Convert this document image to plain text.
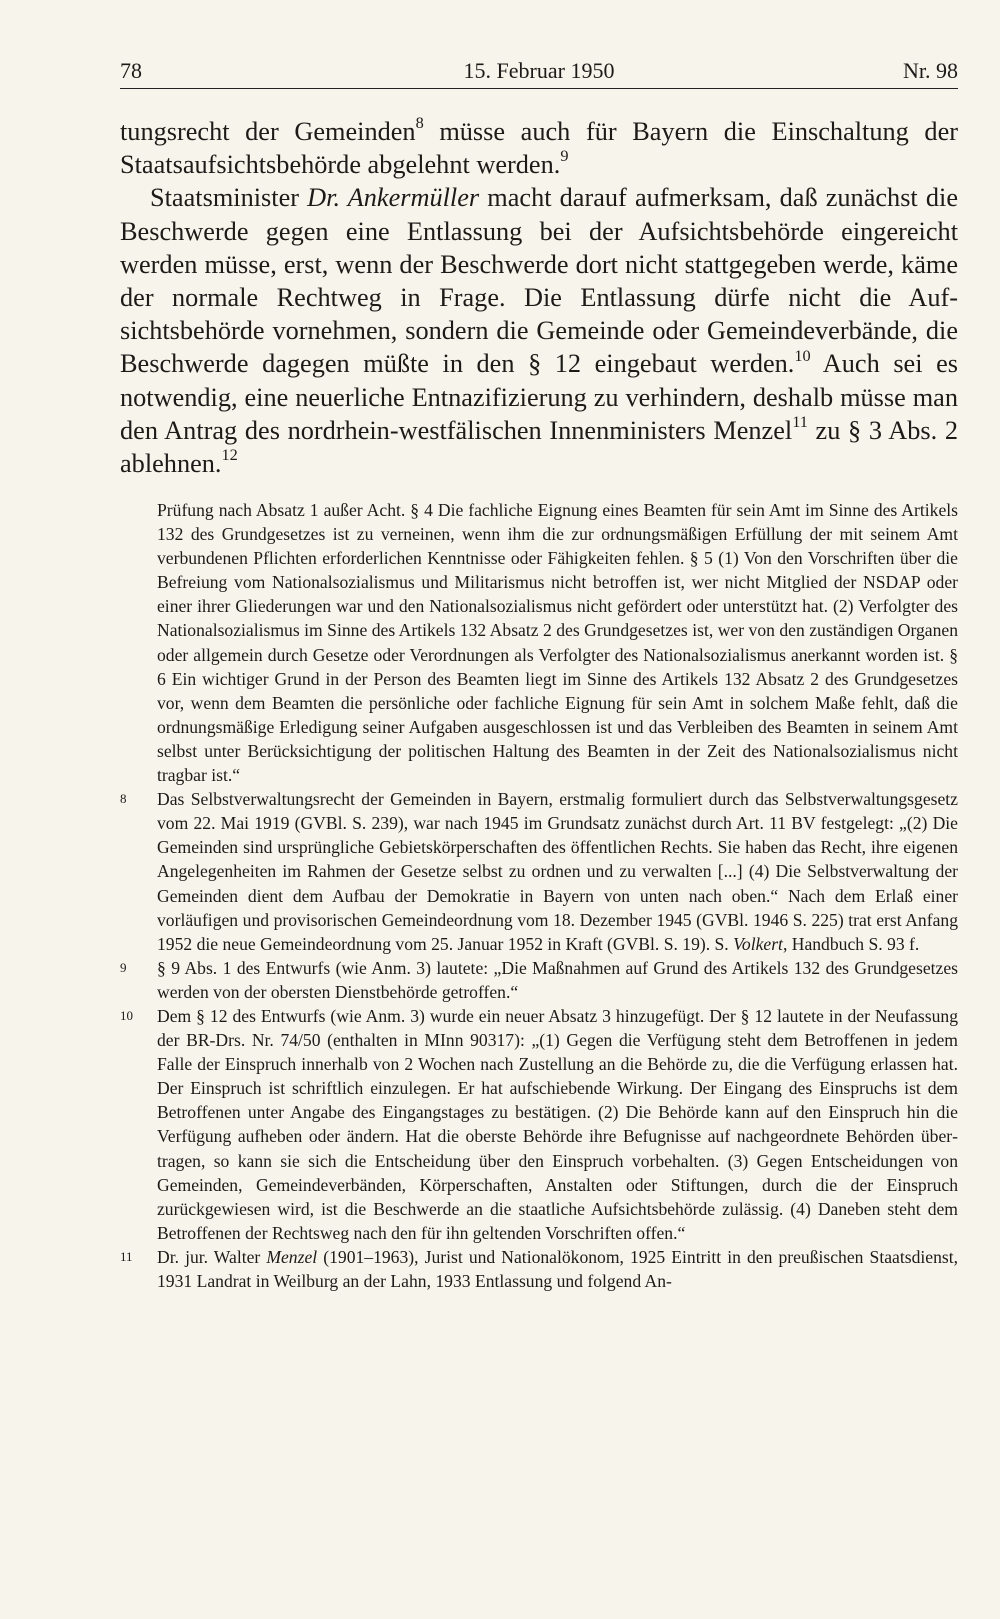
78	15. Februar 1950	Nr. 98

tungsrecht der Gemeinden$^8$ müsse auch für Bayern die Einschaltung der Staatsaufsichtsbehörde abgelehnt werden.$^9$

Staatsminister Dr. Ankermüller macht darauf aufmerksam, daß zunächst die Beschwerde gegen eine Entlassung bei der Aufsichtsbehörde eingereicht werden müsse, erst, wenn der Beschwerde dort nicht stattgegeben werde, käme der normale Rechtweg in Frage. Die Entlassung dürfe nicht die Aufsichtsbehörde vornehmen, sondern die Gemeinde oder Gemeindeverbände, die Beschwerde dagegen müßte in den § 12 eingebaut werden.$^{10}$ Auch sei es notwendig, eine neuerliche Entnazifizierung zu verhindern, deshalb müsse man den Antrag des nordrhein-westfälischen Innenministers Menzel$^{11}$ zu § 3 Abs. 2 ablehnen.$^{12}$

Prüfung nach Absatz 1 außer Acht. § 4 Die fachliche Eignung eines Beamten für sein Amt im Sinne des Artikels 132 des Grundgesetzes ist zu verneinen, wenn ihm die zur ordnungsmäßigen Erfüllung der mit seinem Amt verbundenen Pflichten erforderlichen Kenntnisse oder Fähigkeiten fehlen. § 5 (1) Von den Vorschriften über die Befreiung vom Nationalsozialismus und Militarismus nicht betroffen ist, wer nicht Mitglied der NSDAP oder einer ihrer Gliederungen war und den Nationalsozialismus nicht gefördert oder unterstützt hat. (2) Verfolgter des Nationalsozialismus im Sinne des Artikels 132 Absatz 2 des Grundgesetzes ist, wer von den zuständigen Organen oder allgemein durch Gesetze oder Verordnungen als Verfolgter des Nationalsozialismus anerkannt worden ist. § 6 Ein wichtiger Grund in der Person des Beamten liegt im Sinne des Artikels 132 Absatz 2 des Grundgesetzes vor, wenn dem Beamten die persönliche oder fachliche Eignung für sein Amt in solchem Maße fehlt, daß die ordnungsmäßige Erledigung seiner Aufgaben ausgeschlossen ist und das Verbleiben des Beamten in seinem Amt selbst unter Berücksichtigung der politischen Haltung des Beamten in der Zeit des Nationalsozialismus nicht tragbar ist.“
8	Das Selbstverwaltungsrecht der Gemeinden in Bayern, erstmalig formuliert durch das Selbstverwaltungsgesetz vom 22. Mai 1919 (GVBl. S. 239), war nach 1945 im Grundsatz zunächst durch Art. 11 BV festgelegt: „(2) Die Gemeinden sind ursprüngliche Gebietskörperschaften des öffentlichen Rechts. Sie haben das Recht, ihre eigenen Angelegenheiten im Rahmen der Gesetze selbst zu ordnen und zu verwalten [...] (4) Die Selbstverwaltung der Gemeinden dient dem Aufbau der Demokratie in Bayern von unten nach oben.“ Nach dem Erlaß einer vorläufigen und provisorischen Gemeindeordnung vom 18. Dezember 1945 (GVBl. 1946 S. 225) trat erst Anfang 1952 die neue Gemeindeordnung vom 25. Januar 1952 in Kraft (GVBl. S. 19). S. Volkert, Handbuch S. 93 f.
9	§ 9 Abs. 1 des Entwurfs (wie Anm. 3) lautete: „Die Maßnahmen auf Grund des Artikels 132 des Grundgesetzes werden von der obersten Dienstbehörde getroffen.“
10	Dem § 12 des Entwurfs (wie Anm. 3) wurde ein neuer Absatz 3 hinzugefügt. Der § 12 lautete in der Neufassung der BR-Drs. Nr. 74/50 (enthalten in MInn 90317): „(1) Gegen die Verfügung steht dem Betroffenen in jedem Falle der Einspruch innerhalb von 2 Wochen nach Zustellung an die Behörde zu, die die Verfügung erlassen hat. Der Einspruch ist schriftlich einzulegen. Er hat aufschiebende Wirkung. Der Eingang des Einspruchs ist dem Betroffenen unter Angabe des Eingangstages zu bestätigen. (2) Die Behörde kann auf den Einspruch hin die Verfügung aufheben oder ändern. Hat die oberste Behörde ihre Befugnisse auf nachgeordnete Behörden übertragen, so kann sie sich die Entscheidung über den Einspruch vorbehalten. (3) Gegen Entscheidungen von Gemeinden, Gemeindeverbänden, Körperschaften, Anstalten oder Stiftungen, durch die der Einspruch zurückgewiesen wird, ist die Beschwerde an die staatliche Aufsichtsbehörde zulässig. (4) Daneben steht dem Betroffenen der Rechtsweg nach den für ihn geltenden Vorschriften offen.“
11	Dr. jur. Walter Menzel (1901–1963), Jurist und Nationalökonom, 1925 Eintritt in den preußischen Staatsdienst, 1931 Landrat in Weilburg an der Lahn, 1933 Entlassung und folgend An-
